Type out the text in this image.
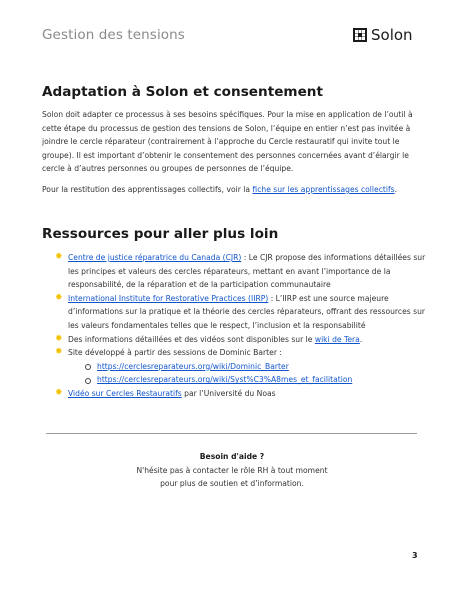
Gestion des tensions	Solon
Adaptation à Solon et consentement

Solon doit adapter ce processus à ses besoins spécifiques. Pour la mise en application de l’outil à cette étape du processus de gestion des tensions de Solon, l’équipe en entier n’est pas invitée à joindre le cercle réparateur (contrairement à l’approche du Cercle restauratif qui invite tout le groupe). Il est important d’obtenir le consentement des personnes concernées avant d’élargir le cercle à d’autres personnes ou groupes de personnes de l’équipe.

Pour la restitution des apprentissages collectifs, voir la fiche sur les apprentissages collectifs.

Ressources pour aller plus loin
✸ Centre de justice réparatrice du Canada (CJR) : Le CJR propose des informations détaillées sur les principes et valeurs des cercles réparateurs, mettant en avant l’importance de la responsabilité, de la réparation et de la participation communautaire
✸ International Institute for Restorative Practices (IIRP) : L’IIRP est une source majeure d’informations sur la pratique et la théorie des cercles réparateurs, offrant des ressources sur les valeurs fondamentales telles que le respect, l’inclusion et la responsabilité
✸ Des informations détaillées et des vidéos sont disponibles sur le wiki de Tera.
✸ Site développé à partir des sessions de Dominic Barter :
https://cerclesreparateurs.org/wiki/Dominic_Barter
https://cerclesreparateurs.org/wiki/Syst%C3%A8mes_et_facilitation
✸ Vidéo sur Cercles Restauratifs par l’Université du Noas
Besoin d'aide ?
N'hésite pas à contacter le rôle RH à tout moment
pour plus de soutien et d’information.
3
